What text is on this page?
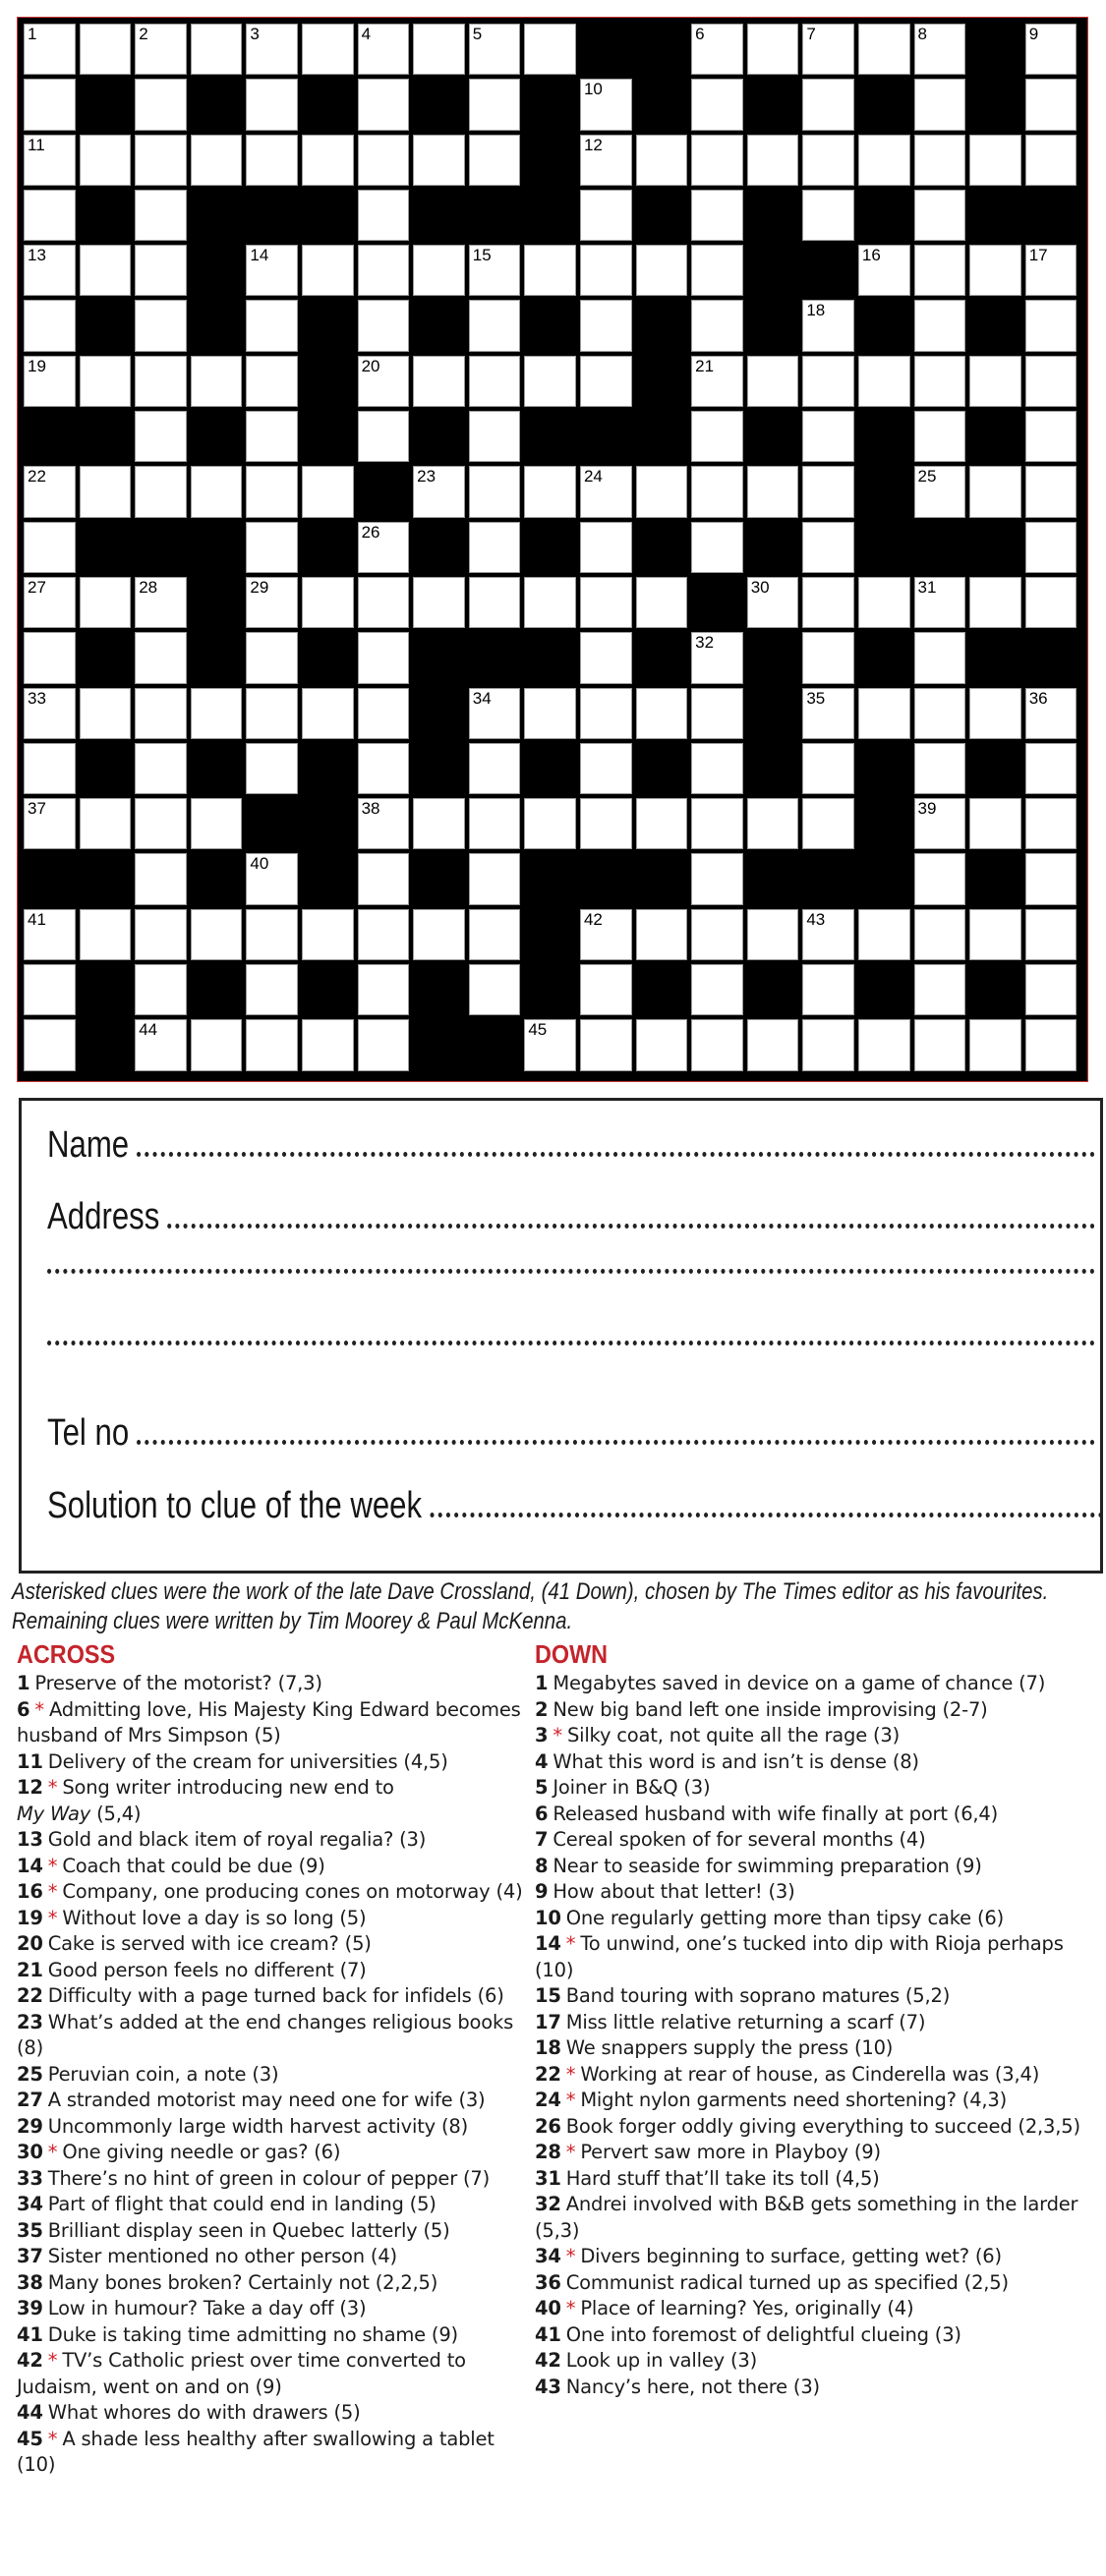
1	2	3	4	5	6	7	8	9
10
11	12
13	14	15	16	17
18
19	20	21
22	23	24	25
26
27	28	29	30	31
32
33	34	35	36
37	38	39
40
41	42	43
44	45
Name
Address
Tel no
Solution to clue of the week
Asterisked clues were the work of the late Dave Crossland, (41 Down), chosen by The Times editor as his favourites. Remaining clues were written by Tim Moorey & Paul McKenna.
ACROSS
1 Preserve of the motorist? (7,3)
6 * Admitting love, His Majesty King Edward becomes husband of Mrs Simpson (5)
11 Delivery of the cream for universities (4,5)
12 * Song writer introducing new end to
My Way (5,4)
13 Gold and black item of royal regalia? (3)
14 * Coach that could be due (9)
16 * Company, one producing cones on motorway (4)
19 * Without love a day is so long (5)
20 Cake is served with ice cream? (5)
21 Good person feels no different (7)
22 Difficulty with a page turned back for infidels (6)
23 What’s added at the end changes religious books (8)
25 Peruvian coin, a note (3)
27 A stranded motorist may need one for wife (3)
29 Uncommonly large width harvest activity (8)
30 * One giving needle or gas? (6)
33 There’s no hint of green in colour of pepper (7)
34 Part of flight that could end in landing (5)
35 Brilliant display seen in Quebec latterly (5)
37 Sister mentioned no other person (4)
38 Many bones broken? Certainly not (2,2,5)
39 Low in humour? Take a day off (3)
41 Duke is taking time admitting no shame (9)
42 * TV’s Catholic priest over time converted to Judaism, went on and on (9)
44 What whores do with drawers (5)
45 * A shade less healthy after swallowing a tablet (10)
DOWN
1 Megabytes saved in device on a game of chance (7)
2 New big band left one inside improvising (2-7)
3 * Silky coat, not quite all the rage (3)
4 What this word is and isn’t is dense (8)
5 Joiner in B&Q (3)
6 Released husband with wife finally at port (6,4)
7 Cereal spoken of for several months (4)
8 Near to seaside for swimming preparation (9)
9 How about that letter! (3)
10 One regularly getting more than tipsy cake (6)
14 * To unwind, one’s tucked into dip with Rioja perhaps (10)
15 Band touring with soprano matures (5,2)
17 Miss little relative returning a scarf (7)
18 We snappers supply the press (10)
22 * Working at rear of house, as Cinderella was (3,4)
24 * Might nylon garments need shortening? (4,3)
26 Book forger oddly giving everything to succeed (2,3,5)
28 * Pervert saw more in Playboy (9)
31 Hard stuff that’ll take its toll (4,5)
32 Andrei involved with B&B gets something in the larder (5,3)
34 * Divers beginning to surface, getting wet? (6)
36 Communist radical turned up as specified (2,5)
40 * Place of learning? Yes, originally (4)
41 One into foremost of delightful clueing (3)
42 Look up in valley (3)
43 Nancy’s here, not there (3)
